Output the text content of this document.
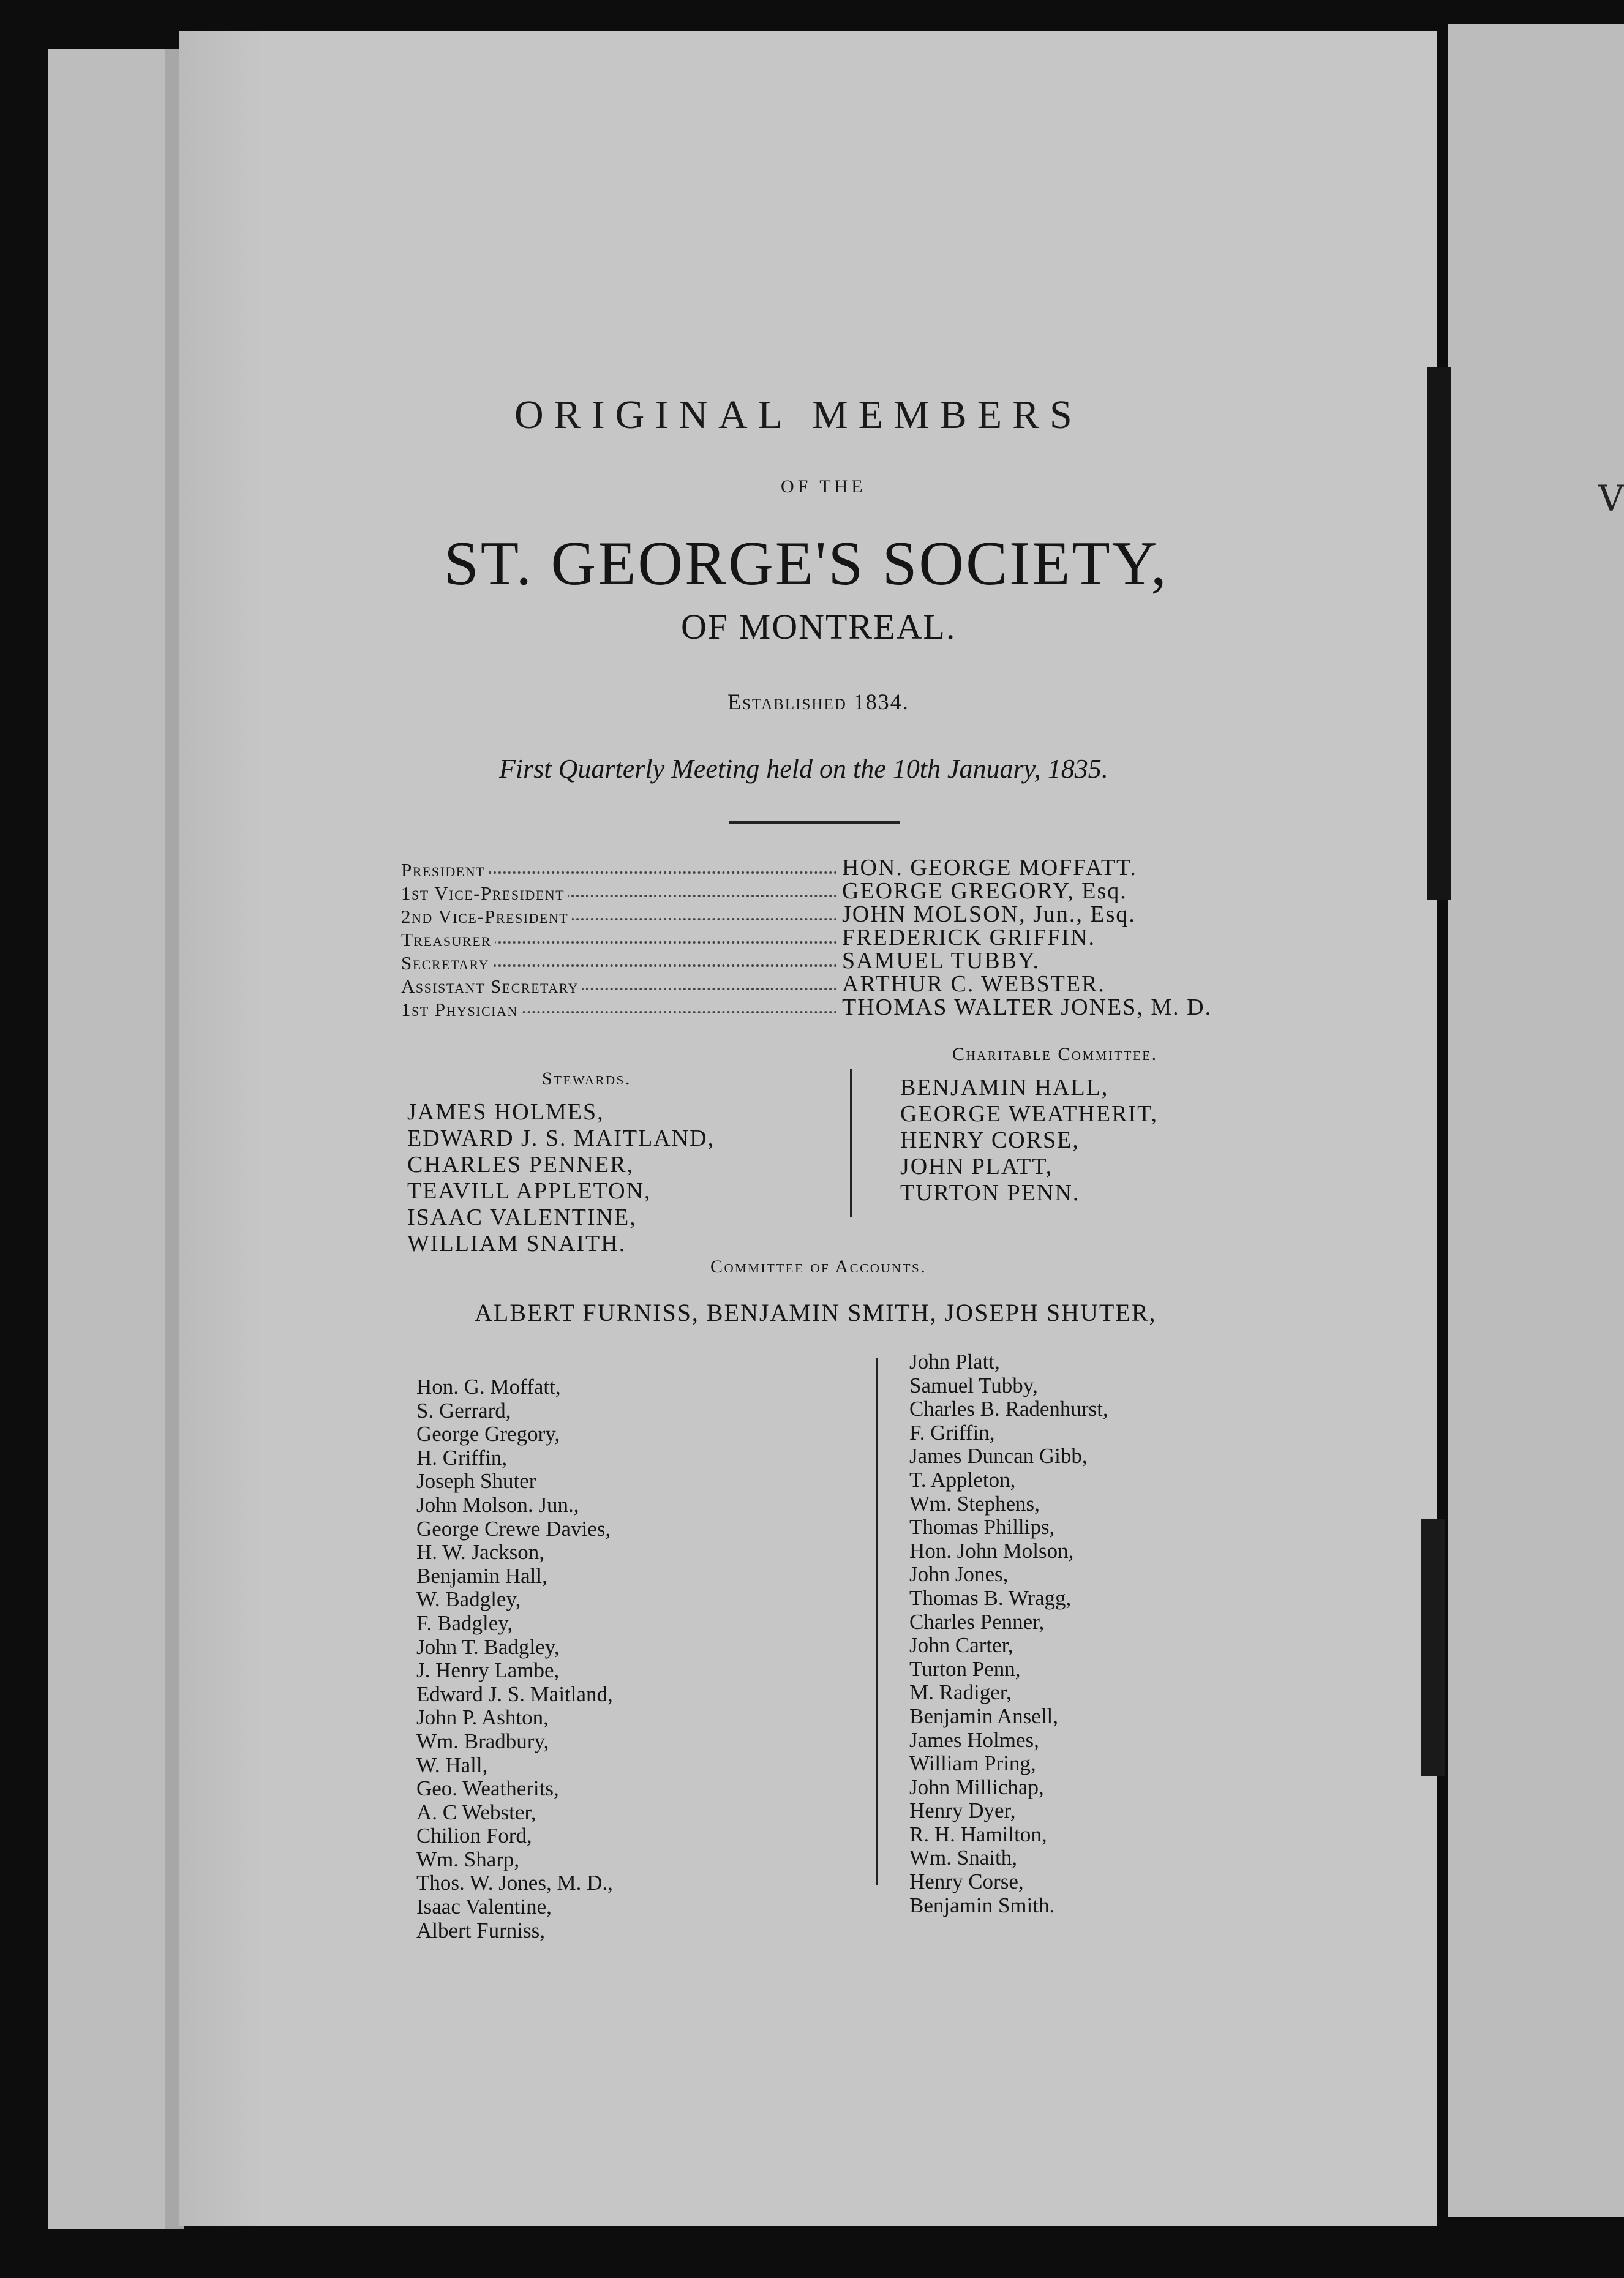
V
ORIGINAL MEMBERS
OF THE
ST. GEORGE'S SOCIETY,
OF MONTREAL.
Established 1834.
First Quarterly Meeting held on the 10th January, 1835.
President	HON. GEORGE MOFFATT.
1st Vice-President	GEORGE GREGORY, Esq.
2nd Vice-President	JOHN MOLSON, Jun., Esq.
Treasurer	FREDERICK GRIFFIN.
Secretary	SAMUEL TUBBY.
Assistant Secretary	ARTHUR C. WEBSTER.
1st Physician	THOMAS WALTER JONES, M. D.
Stewards.
JAMES HOLMES,
EDWARD J. S. MAITLAND,
CHARLES PENNER,
TEAVILL APPLETON,
ISAAC VALENTINE,
WILLIAM SNAITH.
Charitable Committee.
BENJAMIN HALL,
GEORGE WEATHERIT,
HENRY CORSE,
JOHN PLATT,
TURTON PENN.
Committee of Accounts.
ALBERT FURNISS, BENJAMIN SMITH, JOSEPH SHUTER,
Hon. G. Moffatt,
S. Gerrard,
George Gregory,
H. Griffin,
Joseph Shuter
John Molson. Jun.,
George Crewe Davies,
H. W. Jackson,
Benjamin Hall,
W. Badgley,
F. Badgley,
John T. Badgley,
J. Henry Lambe,
Edward J. S. Maitland,
John P. Ashton,
Wm. Bradbury,
W. Hall,
Geo. Weatherits,
A. C Webster,
Chilion Ford,
Wm. Sharp,
Thos. W. Jones, M. D.,
Isaac Valentine,
Albert Furniss,
John Platt,
Samuel Tubby,
Charles B. Radenhurst,
F. Griffin,
James Duncan Gibb,
T. Appleton,
Wm. Stephens,
Thomas Phillips,
Hon. John Molson,
John Jones,
Thomas B. Wragg,
Charles Penner,
John Carter,
Turton Penn,
M. Radiger,
Benjamin Ansell,
James Holmes,
William Pring,
John Millichap,
Henry Dyer,
R. H. Hamilton,
Wm. Snaith,
Henry Corse,
Benjamin Smith.
